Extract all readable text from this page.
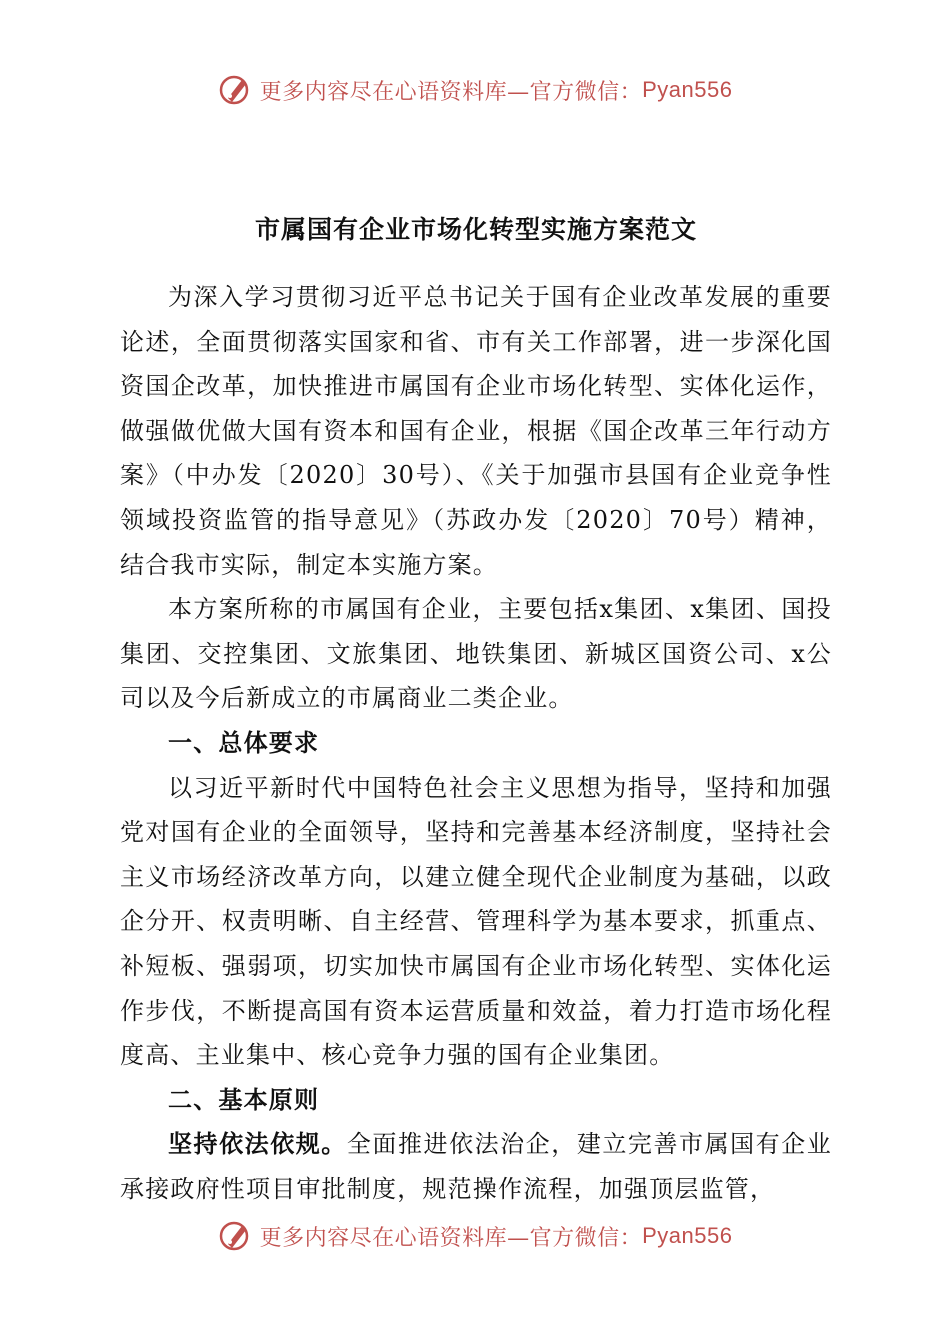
更多内容尽在心语资料库—官方微信： Pyan556
市属国有企业市场化转型实施方案范文

为深入学习贯彻习近平总书记关于国有企业改革发展的重要论述，全面贯彻落实国家和省、市有关工作部署，进一步深化国资国企改革，加快推进市属国有企业市场化转型、实体化运作，做强做优做大国有资本和国有企业，根据《国企改革三年行动方案》（中办发〔2020〕30号）、《关于加强市县国有企业竞争性领域投资监管的指导意见》（苏政办发〔2020〕70号）精神，结合我市实际，制定本实施方案。

本方案所称的市属国有企业，主要包括x集团、x集团、国投集团、交控集团、文旅集团、地铁集团、新城区国资公司、x公司以及今后新成立的市属商业二类企业。

一、总体要求

以习近平新时代中国特色社会主义思想为指导，坚持和加强党对国有企业的全面领导，坚持和完善基本经济制度，坚持社会主义市场经济改革方向，以建立健全现代企业制度为基础，以政企分开、权责明晰、自主经营、管理科学为基本要求，抓重点、补短板、强弱项，切实加快市属国有企业市场化转型、实体化运作步伐，不断提高国有资本运营质量和效益，着力打造市场化程度高、主业集中、核心竞争力强的国有企业集团。

二、基本原则

坚持依法依规。全面推进依法治企，建立完善市属国有企业承接政府性项目审批制度，规范操作流程，加强顶层监管，

更多内容尽在心语资料库—官方微信： Pyan556
